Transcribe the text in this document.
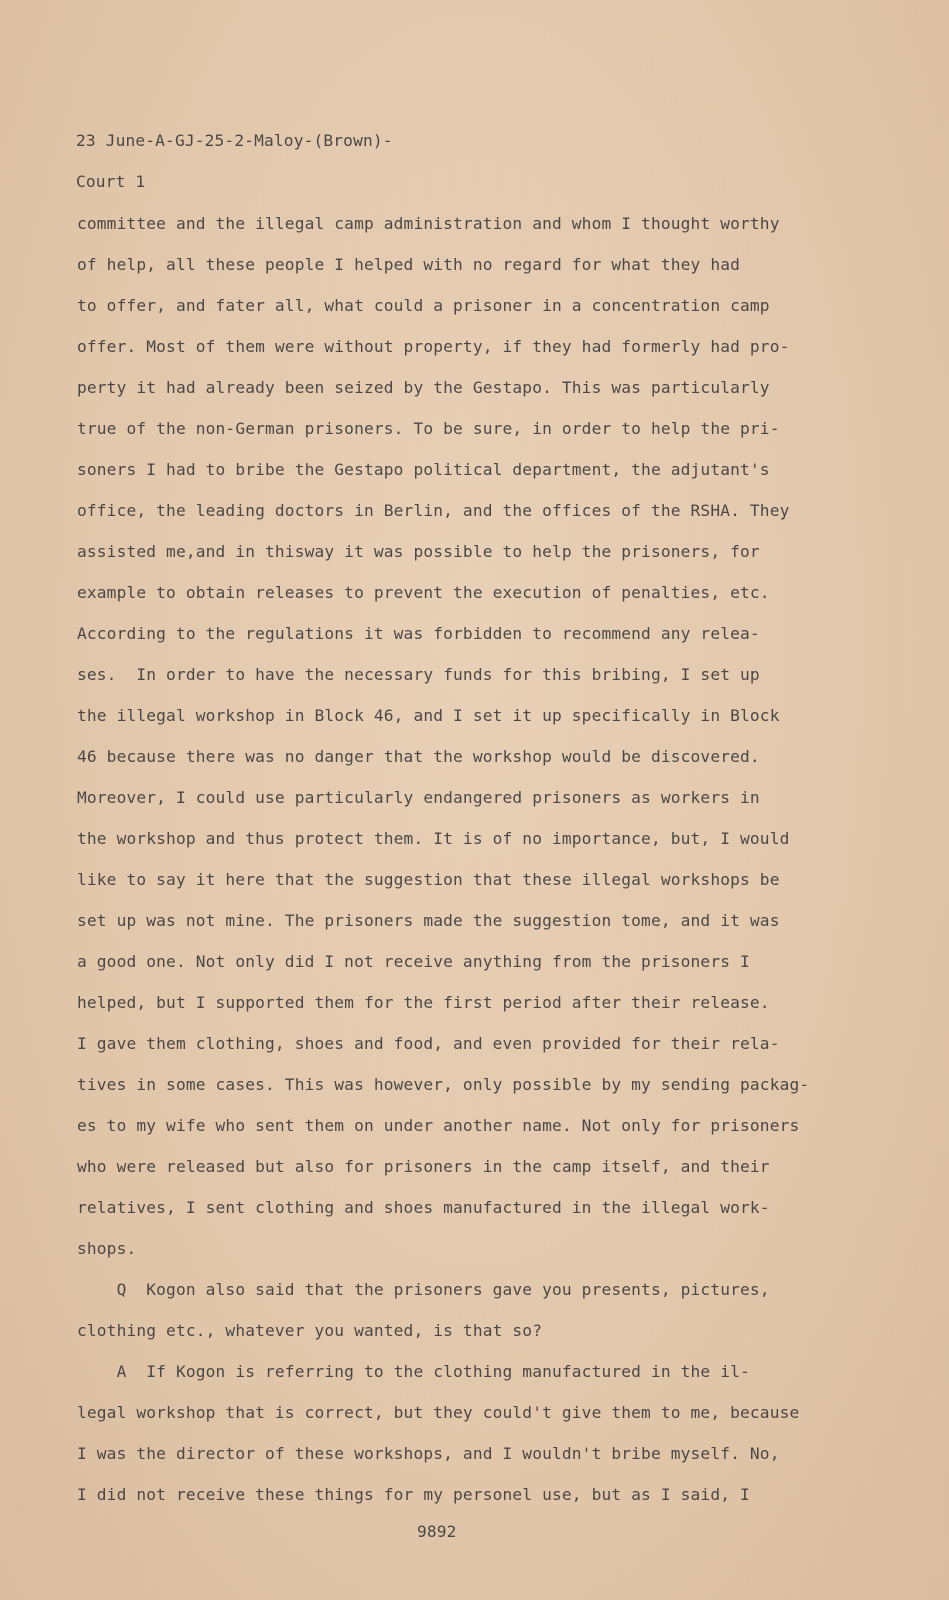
23 June-A-GJ-25-2-Maloy-(Brown)-
Court 1
committee and the illegal camp administration and whom I thought worthy
of help, all these people I helped with no regard for what they had
to offer, and fater all, what could a prisoner in a concentration camp
offer. Most of them were without property, if they had formerly had pro-
perty it had already been seized by the Gestapo. This was particularly
true of the non-German prisoners. To be sure, in order to help the pri-
soners I had to bribe the Gestapo political department, the adjutant's
office, the leading doctors in Berlin, and the offices of the RSHA. They
assisted me,and in thisway it was possible to help the prisoners, for
example to obtain releases to prevent the execution of penalties, etc.
According to the regulations it was forbidden to recommend any relea-
ses.  In order to have the necessary funds for this bribing, I set up
the illegal workshop in Block 46, and I set it up specifically in Block
46 because there was no danger that the workshop would be discovered.
Moreover, I could use particularly endangered prisoners as workers in
the workshop and thus protect them. It is of no importance, but, I would
like to say it here that the suggestion that these illegal workshops be
set up was not mine. The prisoners made the suggestion tome, and it was
a good one. Not only did I not receive anything from the prisoners I
helped, but I supported them for the first period after their release.
I gave them clothing, shoes and food, and even provided for their rela-
tives in some cases. This was however, only possible by my sending packag-
es to my wife who sent them on under another name. Not only for prisoners
who were released but also for prisoners in the camp itself, and their
relatives, I sent clothing and shoes manufactured in the illegal work-
shops.
Q  Kogon also said that the prisoners gave you presents, pictures,
clothing etc., whatever you wanted, is that so?
A  If Kogon is referring to the clothing manufactured in the il-
legal workshop that is correct, but they could't give them to me, because
I was the director of these workshops, and I wouldn't bribe myself. No,
I did not receive these things for my personel use, but as I said, I
9892
